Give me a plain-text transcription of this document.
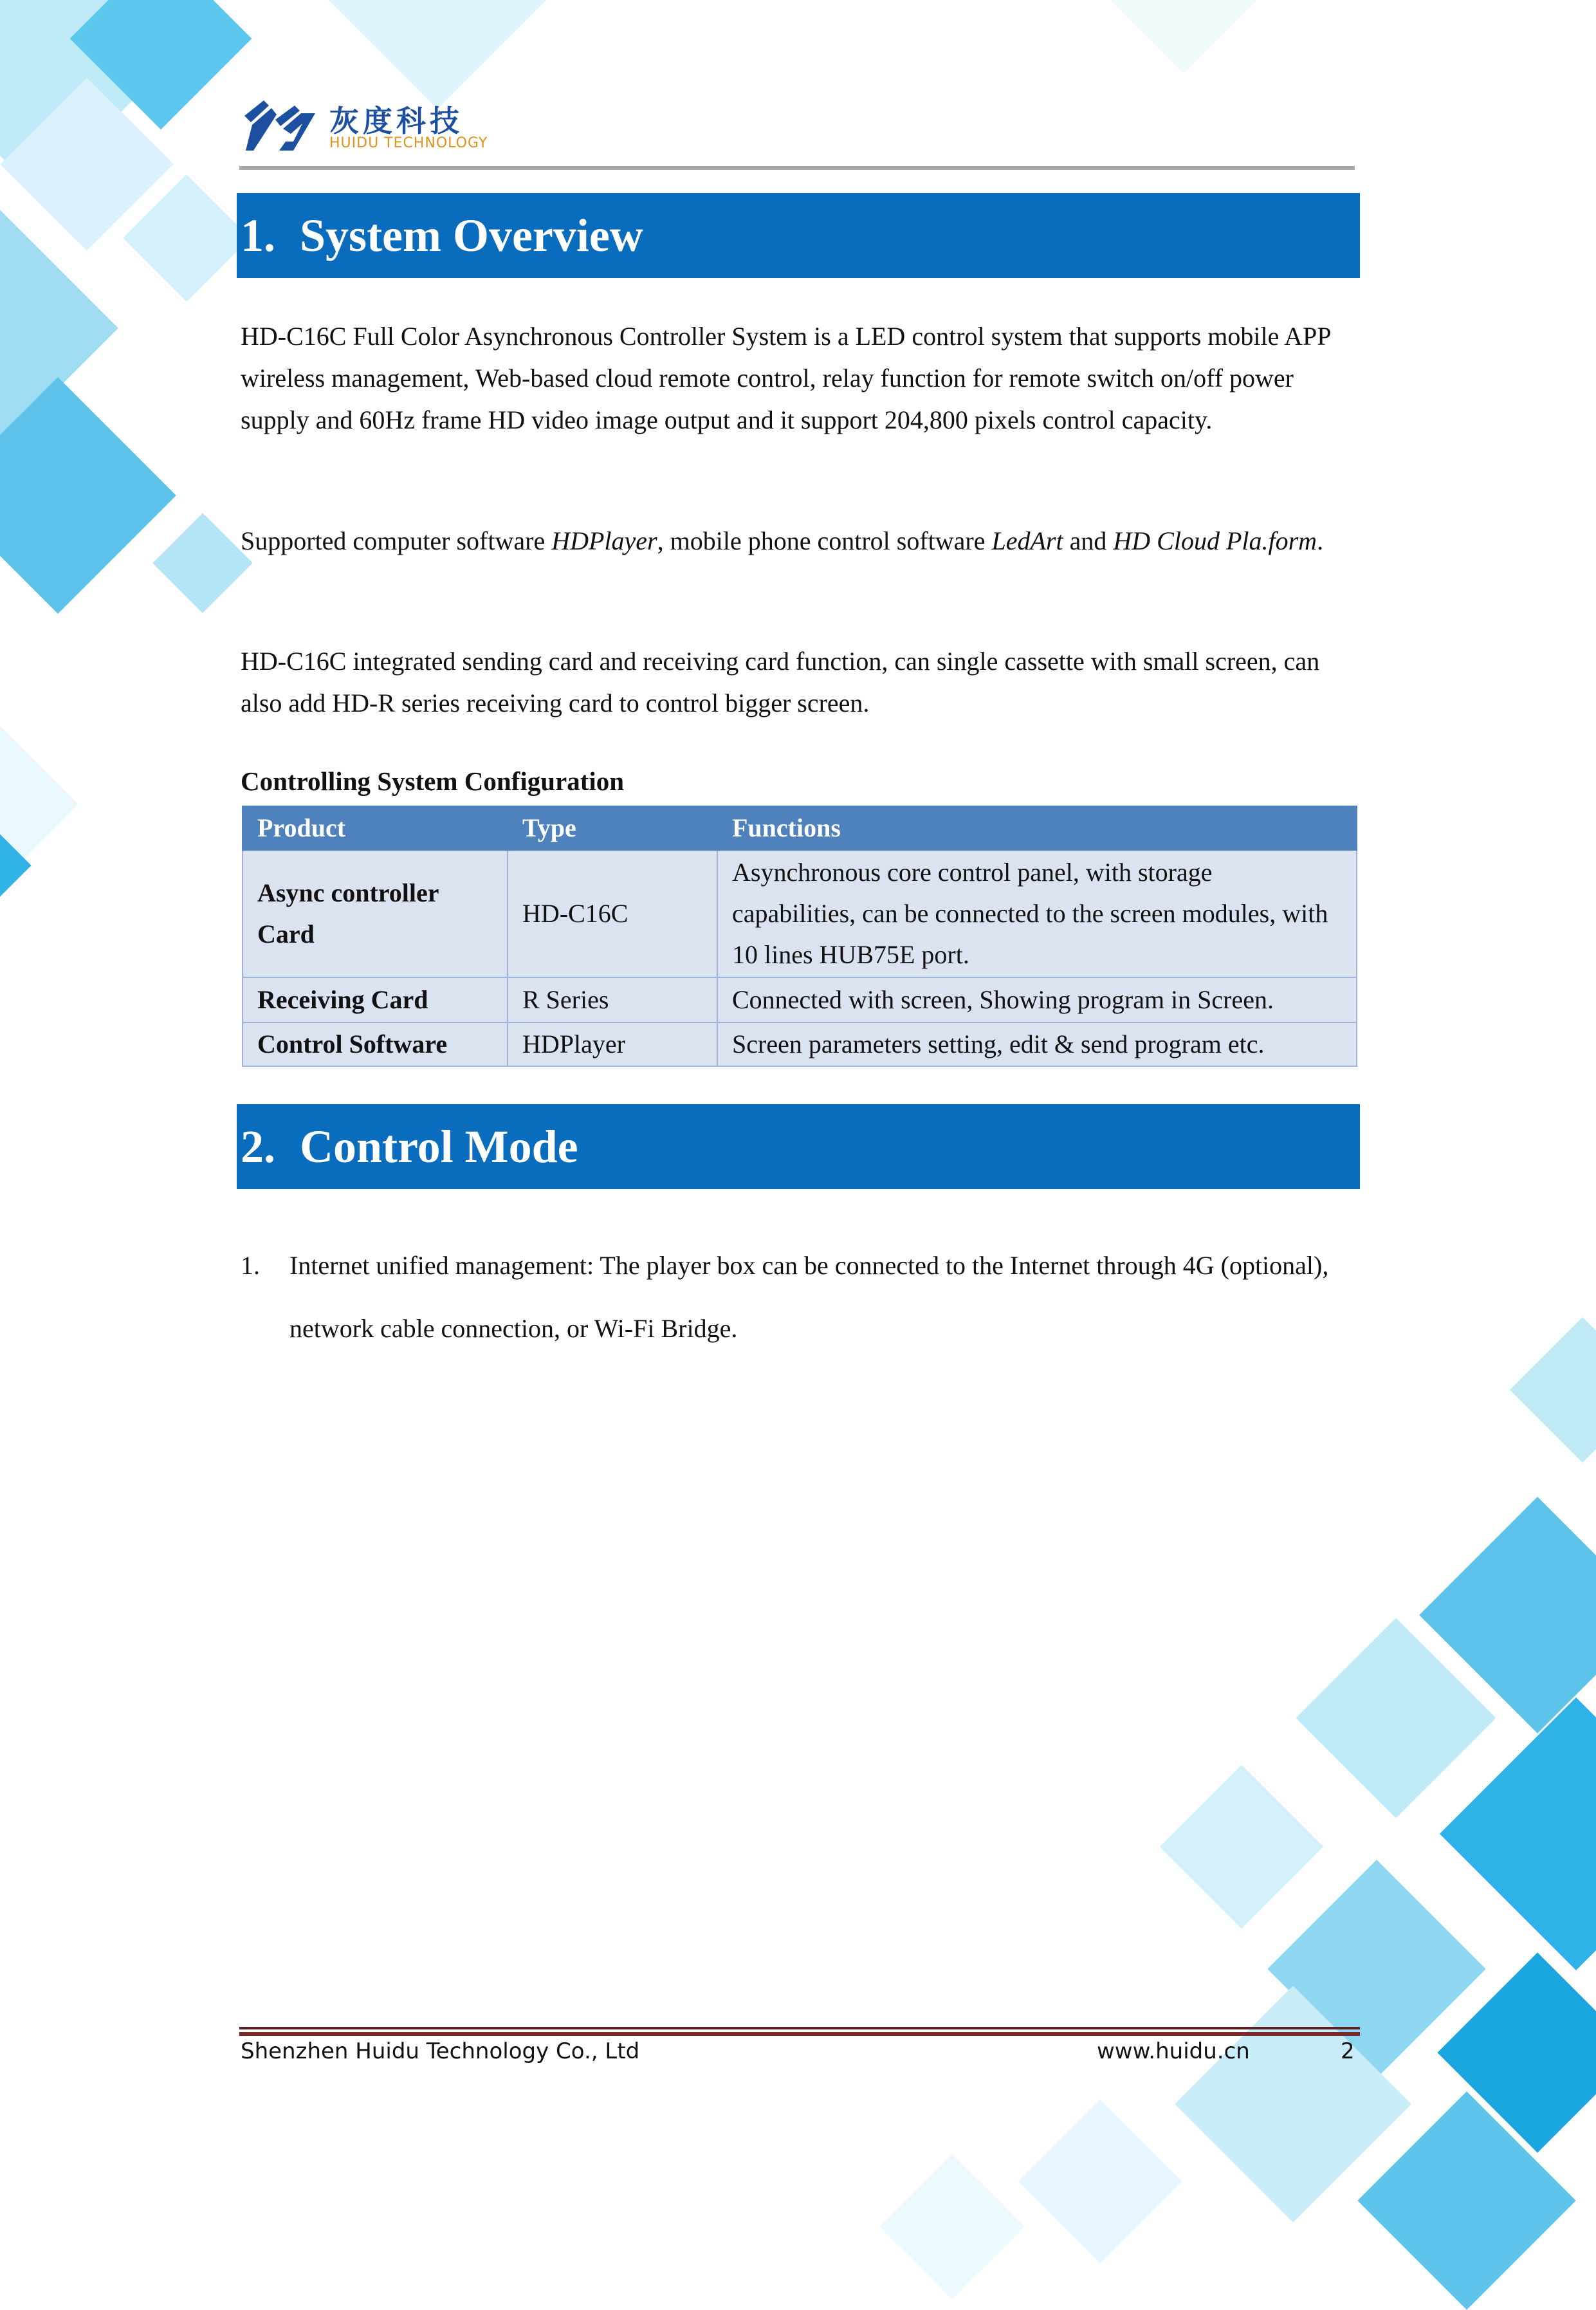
灰度科技
HUIDU TECHNOLOGY
1. System Overview

HD-C16C Full Color Asynchronous Controller System is a LED control system that supports mobile APP wireless management, Web-based cloud remote control, relay function for remote switch on/off power supply and 60Hz frame HD video image output and it support 204,800 pixels control capacity.

Supported computer software HDPlayer, mobile phone control software LedArt and HD Cloud Pla.form.

HD-C16C integrated sending card and receiving card function, can single cassette with small screen, can also add HD-R series receiving card to control bigger screen.

Controlling System Configuration
Product	Type	Functions
Async controller Card	HD-C16C	Asynchronous core control panel, with storage capabilities, can be connected to the screen modules, with 10 lines HUB75E port.
Receiving Card	R Series	Connected with screen, Showing program in Screen.
Control Software	HDPlayer	Screen parameters setting, edit & send program etc.
2. Control Mode
1. Internet unified management: The player box can be connected to the Internet through 4G (optional), network cable connection, or Wi-Fi Bridge.
Shenzhen Huidu Technology Co., Ltd	www.huidu.cn	2
